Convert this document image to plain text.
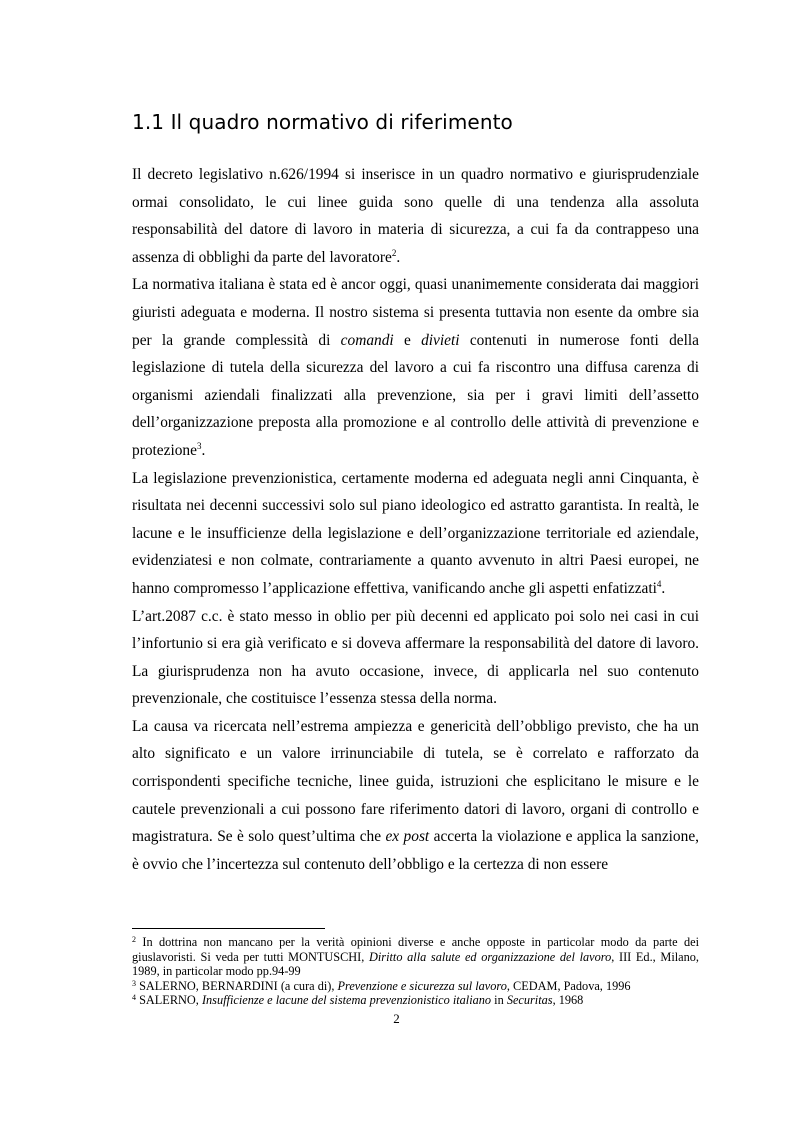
1.1 Il quadro normativo di riferimento

Il decreto legislativo n.626/1994 si inserisce in un quadro normativo e giurisprudenziale ormai consolidato, le cui linee guida sono quelle di una tendenza alla assoluta responsabilità del datore di lavoro in materia di sicurezza, a cui fa da contrappeso una assenza di obblighi da parte del lavoratore$^2$.

La normativa italiana è stata ed è ancor oggi, quasi unanimemente considerata dai maggiori giuristi adeguata e moderna. Il nostro sistema si presenta tuttavia non esente da ombre sia per la grande complessità di comandi e divieti contenuti in numerose fonti della legislazione di tutela della sicurezza del lavoro a cui fa riscontro una diffusa carenza di organismi aziendali finalizzati alla prevenzione, sia per i gravi limiti dell’assetto dell’organizzazione preposta alla promozione e al controllo delle attività di prevenzione e protezione$^3$.

La legislazione prevenzionistica, certamente moderna ed adeguata negli anni Cinquanta, è risultata nei decenni successivi solo sul piano ideologico ed astratto garantista. In realtà, le lacune e le insufficienze della legislazione e dell’organizzazione territoriale ed aziendale, evidenziatesi e non colmate, contrariamente a quanto avvenuto in altri Paesi europei, ne hanno compromesso l’applicazione effettiva, vanificando anche gli aspetti enfatizzati$^4$.

L’art.2087 c.c. è stato messo in oblio per più decenni ed applicato poi solo nei casi in cui l’infortunio si era già verificato e si doveva affermare la responsabilità del datore di lavoro. La giurisprudenza non ha avuto occasione, invece, di applicarla nel suo contenuto prevenzionale, che costituisce l’essenza stessa della norma.

La causa va ricercata nell’estrema ampiezza e genericità dell’obbligo previsto, che ha un alto significato e un valore irrinunciabile di tutela, se è correlato e rafforzato da corrispondenti specifiche tecniche, linee guida, istruzioni che esplicitano le misure e le cautele prevenzionali a cui possono fare riferimento datori di lavoro, organi di controllo e magistratura. Se è solo quest’ultima che ex post accerta la violazione e applica la sanzione, è ovvio che l’incertezza sul contenuto dell’obbligo e la certezza di non essere

$^2$ In dottrina non mancano per la verità opinioni diverse e anche opposte in particolar modo da parte dei giuslavoristi. Si veda per tutti MONTUSCHI, Diritto alla salute ed organizzazione del lavoro, III Ed., Milano, 1989, in particolar modo pp.94-99

$^3$ SALERNO, BERNARDINI (a cura di), Prevenzione e sicurezza sul lavoro, CEDAM, Padova, 1996

$^4$ SALERNO, Insufficienze e lacune del sistema prevenzionistico italiano in Securitas, 1968

2
